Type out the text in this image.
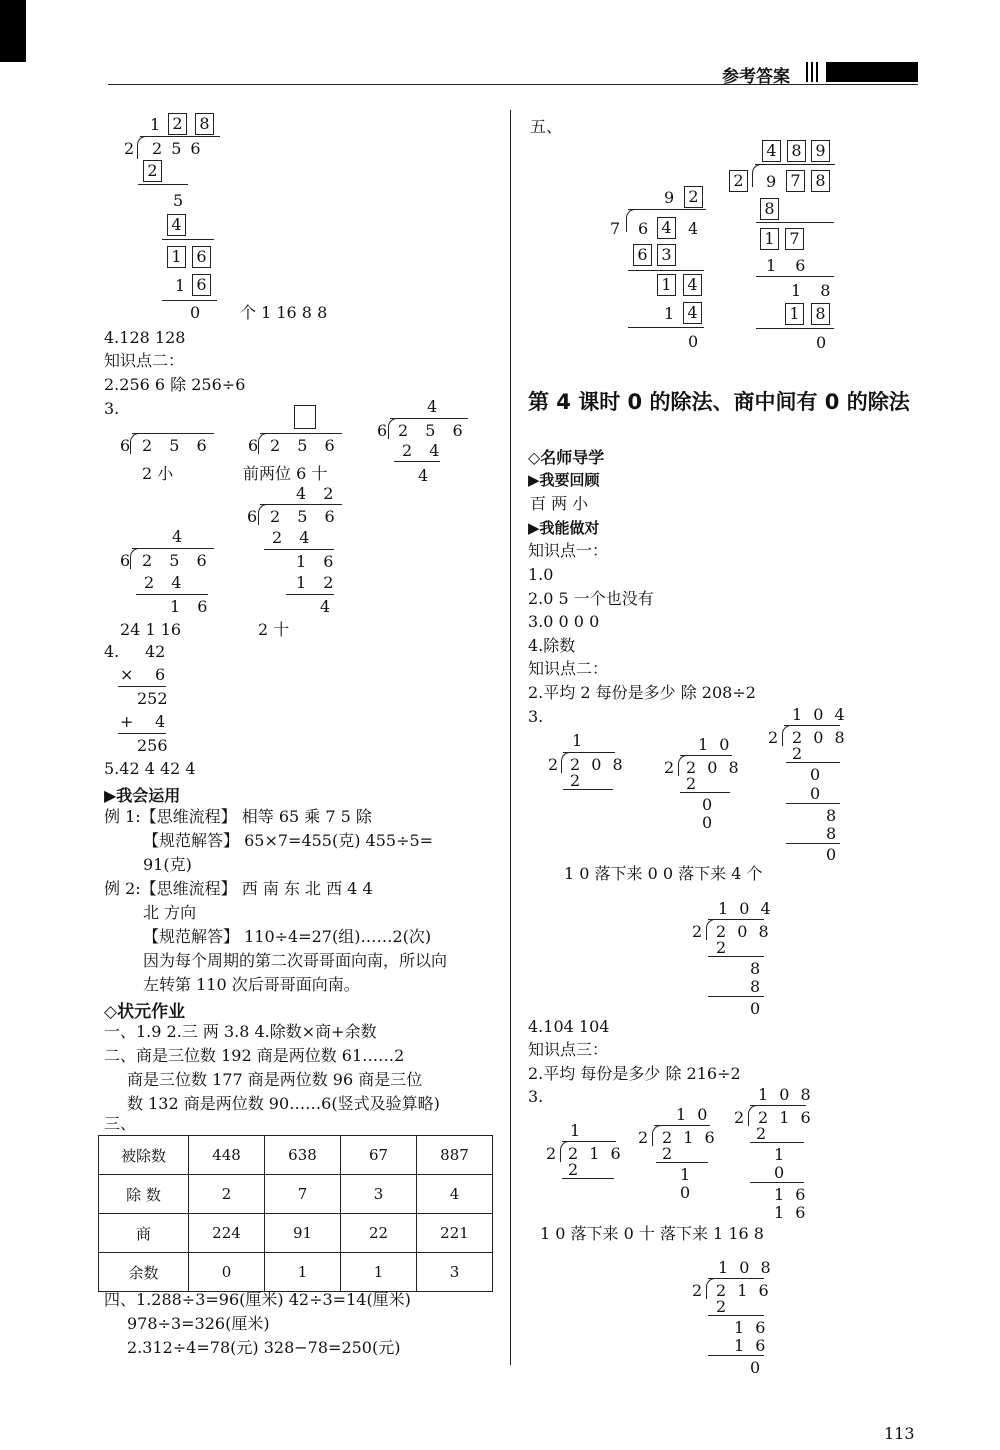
参考答案
1 2 8
2 256
2
5
4
1 6
1 6
0 个 1 16 8 8
4.128 128
知识点二：
2.256 6 除 256÷6
3.
6 2 5 6 6 2 5 6
4
6 2 5 6
2 4
2 小	前两位 6 十	4
4 2
6 2 5 6
2 4
1 6
1 2
4
4
6 2 5 6
2 4
1 6
24 1 16	2 十
4. 42
× 6
252
+ 4
256
5.42 4 42 4
▶我会运用
例 1:【思维流程】 相等 65 乘 7 5 除
【规范解答】 65×7=455(克) 455÷5=
91(克)
例 2:【思维流程】 西 南 东 北 西 4 4
北 方向
【规范解答】 110÷4=27(组)……2(次)
因为每个周期的第二次哥哥面向南，所以向
左转第 110 次后哥哥面向南。
◇状元作业
一、1.9 2.三 两 3.8 4.除数×商+余数
二、商是三位数 192 商是两位数 61……2
商是三位数 177 商是两位数 96 商是三位
数 132 商是两位数 90……6(竖式及验算略)
三、
被除数	448	638	67	887
除 数	2	7	3	4
商	224	91	22	221
余数	0	1	1	3
四、1.288÷3=96(厘米) 42÷3=14(厘米)
978÷3=326(厘米)
2.312÷4=78(元) 328−78=250(元)
五、
9 2
7 6 4 4
6 3
1 4
1 4
0
4 8 9
2 9 7 8
8
1 7
1 6
1 8
1 8
0
第 4 课时 0 的除法、商中间有 0 的除法
◇名师导学
▶我要回顾
百 两 小
▶我能做对
知识点一：
1.0
2.0 5 一个也没有
3.0 0 0 0
4.除数
知识点二：
2.平均 2 每份是多少 除 208÷2
3.
1
2 2 0 8
2
1 0
2 2 0 8
2
0
0
1 0 4
2 2 0 8
2
0
0
8
8
0
1 0 落下来 0 0 落下来 4 个
1 0 4
2 2 0 8
2
8
8
0
4.104 104
知识点三：
2.平均 每份是多少 除 216÷2
3.
1
2 2 1 6
2
1 0
2 2 1 6
2
1
0
1 0 8
2 2 1 6
2
1
0
1 6
1 6
1 0 落下来 0 十 落下来 1 16 8
1 0 8
2 2 1 6
2
1 6
1 6
0
113
